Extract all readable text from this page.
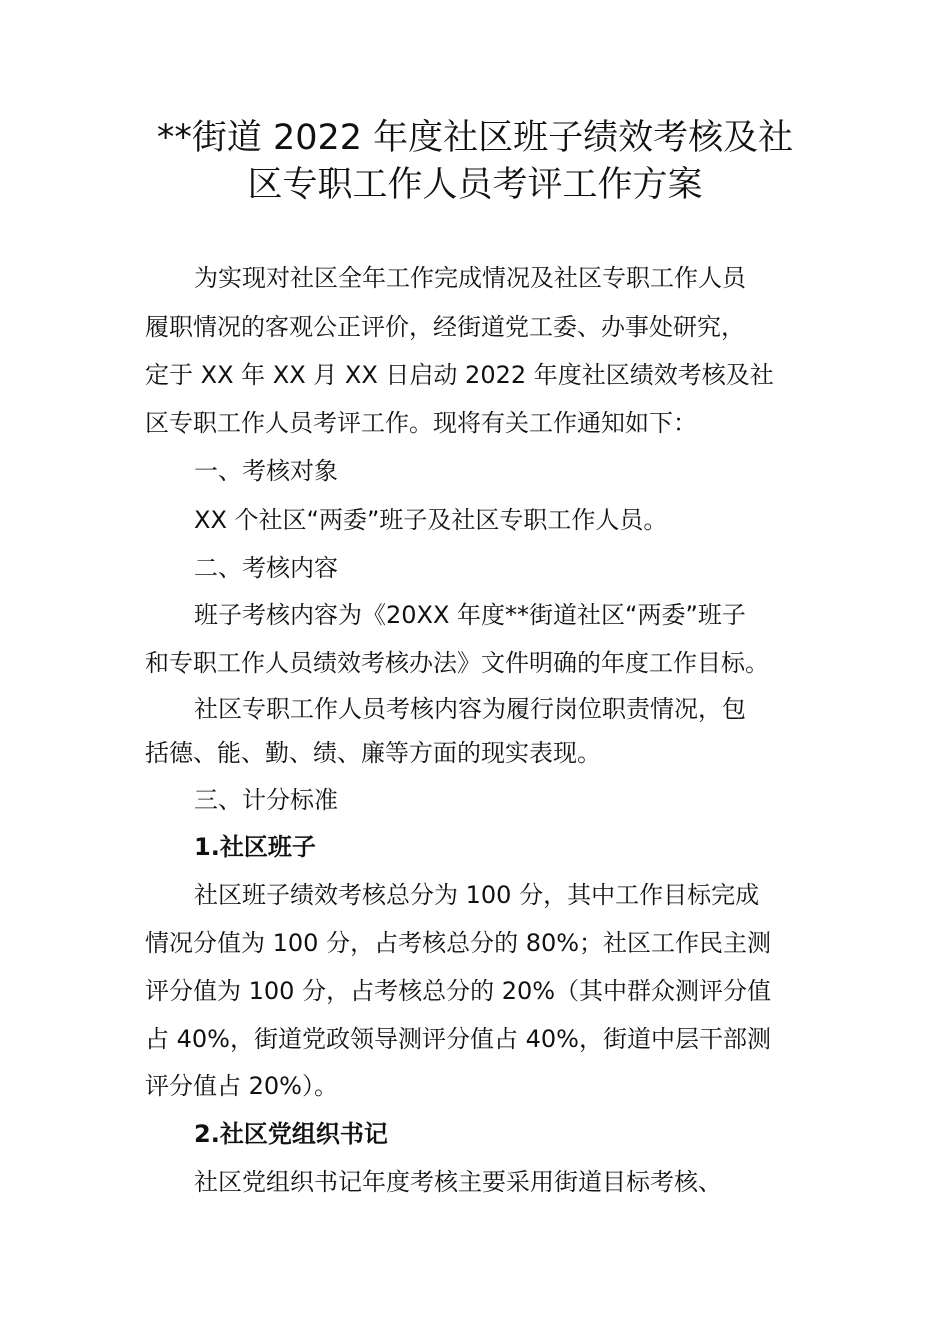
**街道 2022 年度社区班子绩效考核及社
区专职工作人员考评工作方案

为实现对社区全年工作完成情况及社区专职工作人员

履职情况的客观公正评价，经街道党工委、办事处研究，

定于 XX 年 XX 月 XX 日启动 2022 年度社区绩效考核及社

区专职工作人员考评工作。现将有关工作通知如下：

一、考核对象

XX 个社区“两委”班子及社区专职工作人员。

二、考核内容

班子考核内容为《20XX 年度**街道社区“两委”班子

和专职工作人员绩效考核办法》文件明确的年度工作目标。

社区专职工作人员考核内容为履行岗位职责情况，包

括德、能、勤、绩、廉等方面的现实表现。

三、计分标准

1.社区班子

社区班子绩效考核总分为 100 分，其中工作目标完成

情况分值为 100 分，占考核总分的 80%；社区工作民主测

评分值为 100 分，占考核总分的 20%（其中群众测评分值

占 40%，街道党政领导测评分值占 40%，街道中层干部测

评分值占 20%）。

2.社区党组织书记

社区党组织书记年度考核主要采用街道目标考核、
